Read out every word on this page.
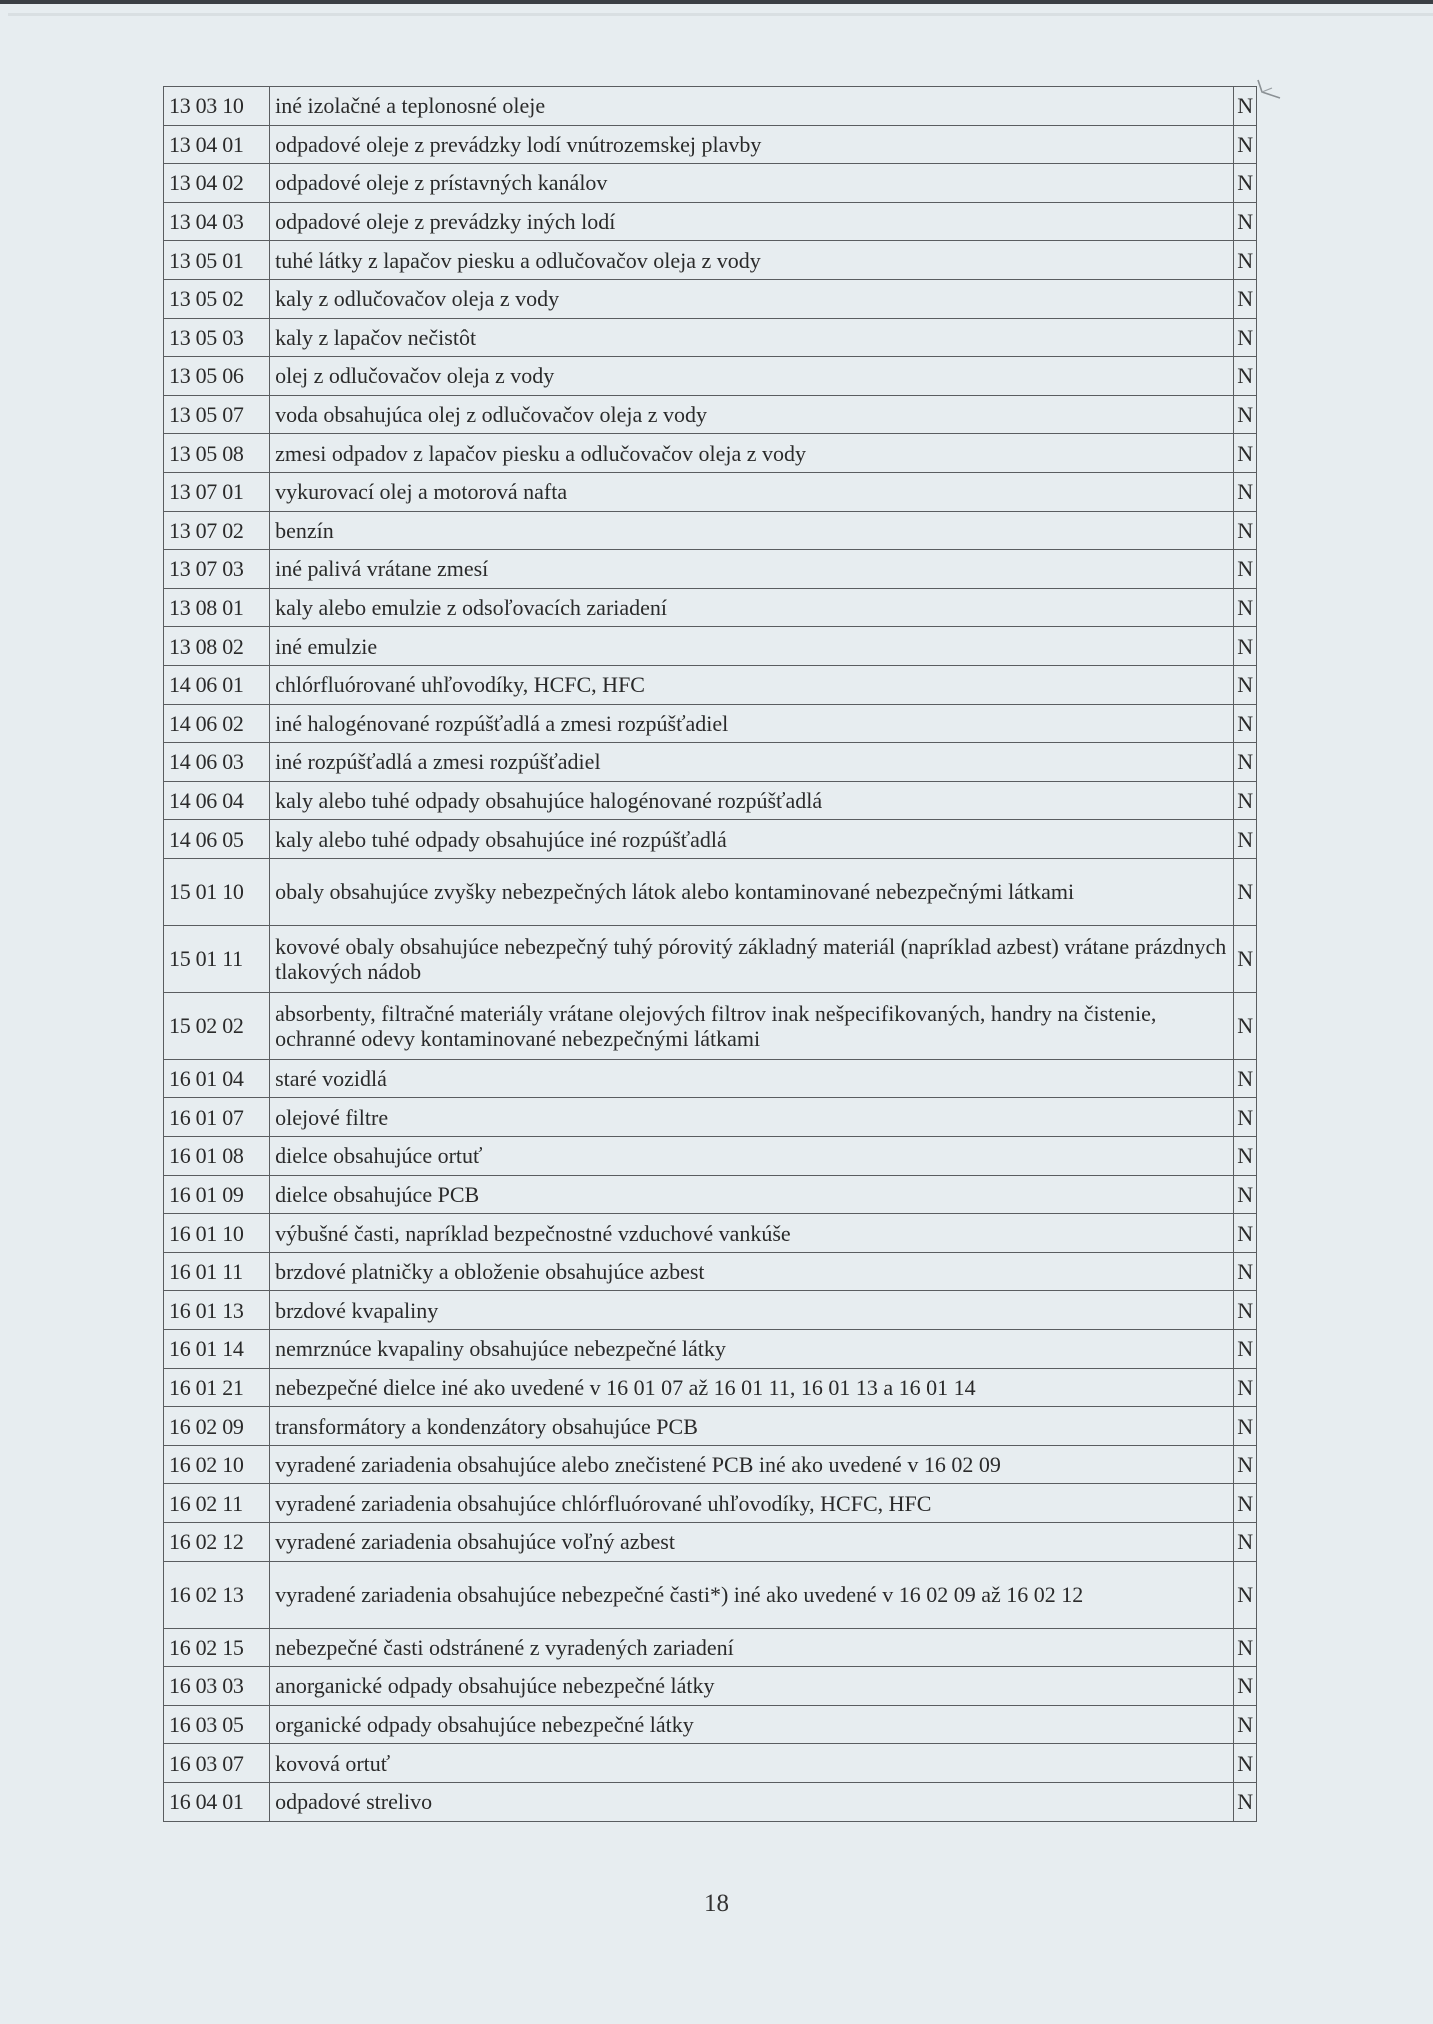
13 03 10	iné izolačné a teplonosné oleje	N
13 04 01	odpadové oleje z prevádzky lodí vnútrozemskej plavby	N
13 04 02	odpadové oleje z prístavných kanálov	N
13 04 03	odpadové oleje z prevádzky iných lodí	N
13 05 01	tuhé látky z lapačov piesku a odlučovačov oleja z vody	N
13 05 02	kaly z odlučovačov oleja z vody	N
13 05 03	kaly z lapačov nečistôt	N
13 05 06	olej z odlučovačov oleja z vody	N
13 05 07	voda obsahujúca olej z odlučovačov oleja z vody	N
13 05 08	zmesi odpadov z lapačov piesku a odlučovačov oleja z vody	N
13 07 01	vykurovací olej a motorová nafta	N
13 07 02	benzín	N
13 07 03	iné palivá vrátane zmesí	N
13 08 01	kaly alebo emulzie z odsoľovacích zariadení	N
13 08 02	iné emulzie	N
14 06 01	chlórfluórované uhľovodíky, HCFC, HFC	N
14 06 02	iné halogénované rozpúšťadlá a zmesi rozpúšťadiel	N
14 06 03	iné rozpúšťadlá a zmesi rozpúšťadiel	N
14 06 04	kaly alebo tuhé odpady obsahujúce halogénované rozpúšťadlá	N
14 06 05	kaly alebo tuhé odpady obsahujúce iné rozpúšťadlá	N
15 01 10	obaly obsahujúce zvyšky nebezpečných látok alebo kontaminované nebezpečnými látkami	N
15 01 11	kovové obaly obsahujúce nebezpečný tuhý pórovitý základný materiál (napríklad azbest) vrátane prázdnych tlakových nádob	N
15 02 02	absorbenty, filtračné materiály vrátane olejových filtrov inak nešpecifikovaných, handry na čistenie, ochranné odevy kontaminované nebezpečnými látkami	N
16 01 04	staré vozidlá	N
16 01 07	olejové filtre	N
16 01 08	dielce obsahujúce ortuť	N
16 01 09	dielce obsahujúce PCB	N
16 01 10	výbušné časti, napríklad bezpečnostné vzduchové vankúše	N
16 01 11	brzdové platničky a obloženie obsahujúce azbest	N
16 01 13	brzdové kvapaliny	N
16 01 14	nemrznúce kvapaliny obsahujúce nebezpečné látky	N
16 01 21	nebezpečné dielce iné ako uvedené v 16 01 07 až 16 01 11, 16 01 13 a 16 01 14	N
16 02 09	transformátory a kondenzátory obsahujúce PCB	N
16 02 10	vyradené zariadenia obsahujúce alebo znečistené PCB iné ako uvedené v 16 02 09	N
16 02 11	vyradené zariadenia obsahujúce chlórfluórované uhľovodíky, HCFC, HFC	N
16 02 12	vyradené zariadenia obsahujúce voľný azbest	N
16 02 13	vyradené zariadenia obsahujúce nebezpečné časti*) iné ako uvedené v 16 02 09 až 16 02 12	N
16 02 15	nebezpečné časti odstránené z vyradených zariadení	N
16 03 03	anorganické odpady obsahujúce nebezpečné látky	N
16 03 05	organické odpady obsahujúce nebezpečné látky	N
16 03 07	kovová ortuť	N
16 04 01	odpadové strelivo	N
18
